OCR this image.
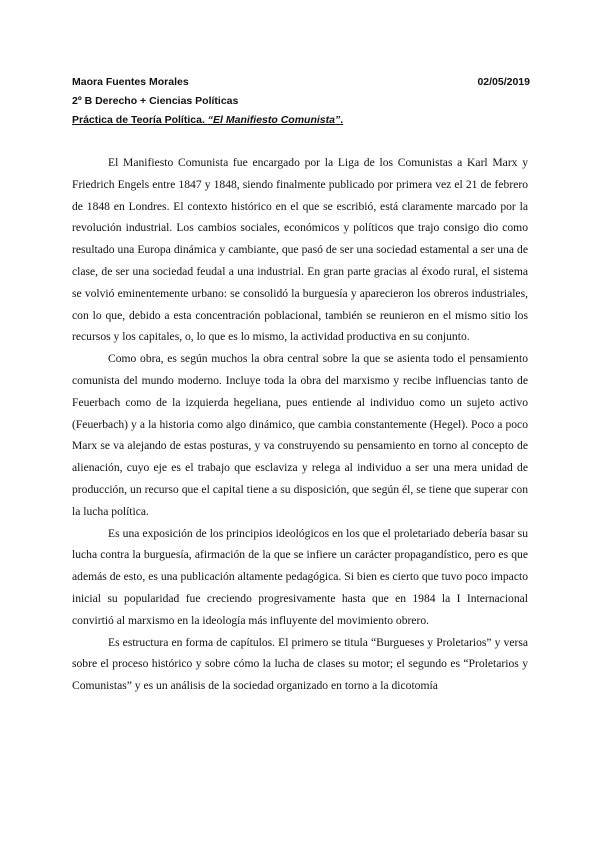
Maora Fuentes Morales	02/05/2019
2º B Derecho + Ciencias Políticas
Práctica de Teoría Política. “El Manifiesto Comunista”.

El Manifiesto Comunista fue encargado por la Liga de los Comunistas a Karl Marx y Friedrich Engels entre 1847 y 1848, siendo finalmente publicado por primera vez el 21 de febrero de 1848 en Londres. El contexto histórico en el que se escribió, está claramente marcado por la revolución industrial. Los cambios sociales, económicos y políticos que trajo consigo dio como resultado una Europa dinámica y cambiante, que pasó de ser una sociedad estamental a ser una de clase, de ser una sociedad feudal a una industrial. En gran parte gracias al éxodo rural, el sistema se volvió eminentemente urbano: se consolidó la burguesía y aparecieron los obreros industriales, con lo que, debido a esta concentración poblacional, también se reunieron en el mismo sitio los recursos y los capitales, o, lo que es lo mismo, la actividad productiva en su conjunto.

Como obra, es según muchos la obra central sobre la que se asienta todo el pensamiento comunista del mundo moderno. Incluye toda la obra del marxismo y recibe influencias tanto de Feuerbach como de la izquierda hegeliana, pues entiende al individuo como un sujeto activo (Feuerbach) y a la historia como algo dinámico, que cambia constantemente (Hegel). Poco a poco Marx se va alejando de estas posturas, y va construyendo su pensamiento en torno al concepto de alienación, cuyo eje es el trabajo que esclaviza y relega al individuo a ser una mera unidad de producción, un recurso que el capital tiene a su disposición, que según él, se tiene que superar con la lucha política.

Es una exposición de los principios ideológicos en los que el proletariado debería basar su lucha contra la burguesía, afirmación de la que se infiere un carácter propagandístico, pero es que además de esto, es una publicación altamente pedagógica. Si bien es cierto que tuvo poco impacto inicial su popularidad fue creciendo progresivamente hasta que en 1984 la I Internacional convirtió al marxismo en la ideología más influyente del movimiento obrero.

Es estructura en forma de capítulos. El primero se titula “Burgueses y Proletarios” y versa sobre el proceso histórico y sobre cómo la lucha de clases su motor; el segundo es “Proletarios y Comunistas” y es un análisis de la sociedad organizado en torno a la dicotomía
